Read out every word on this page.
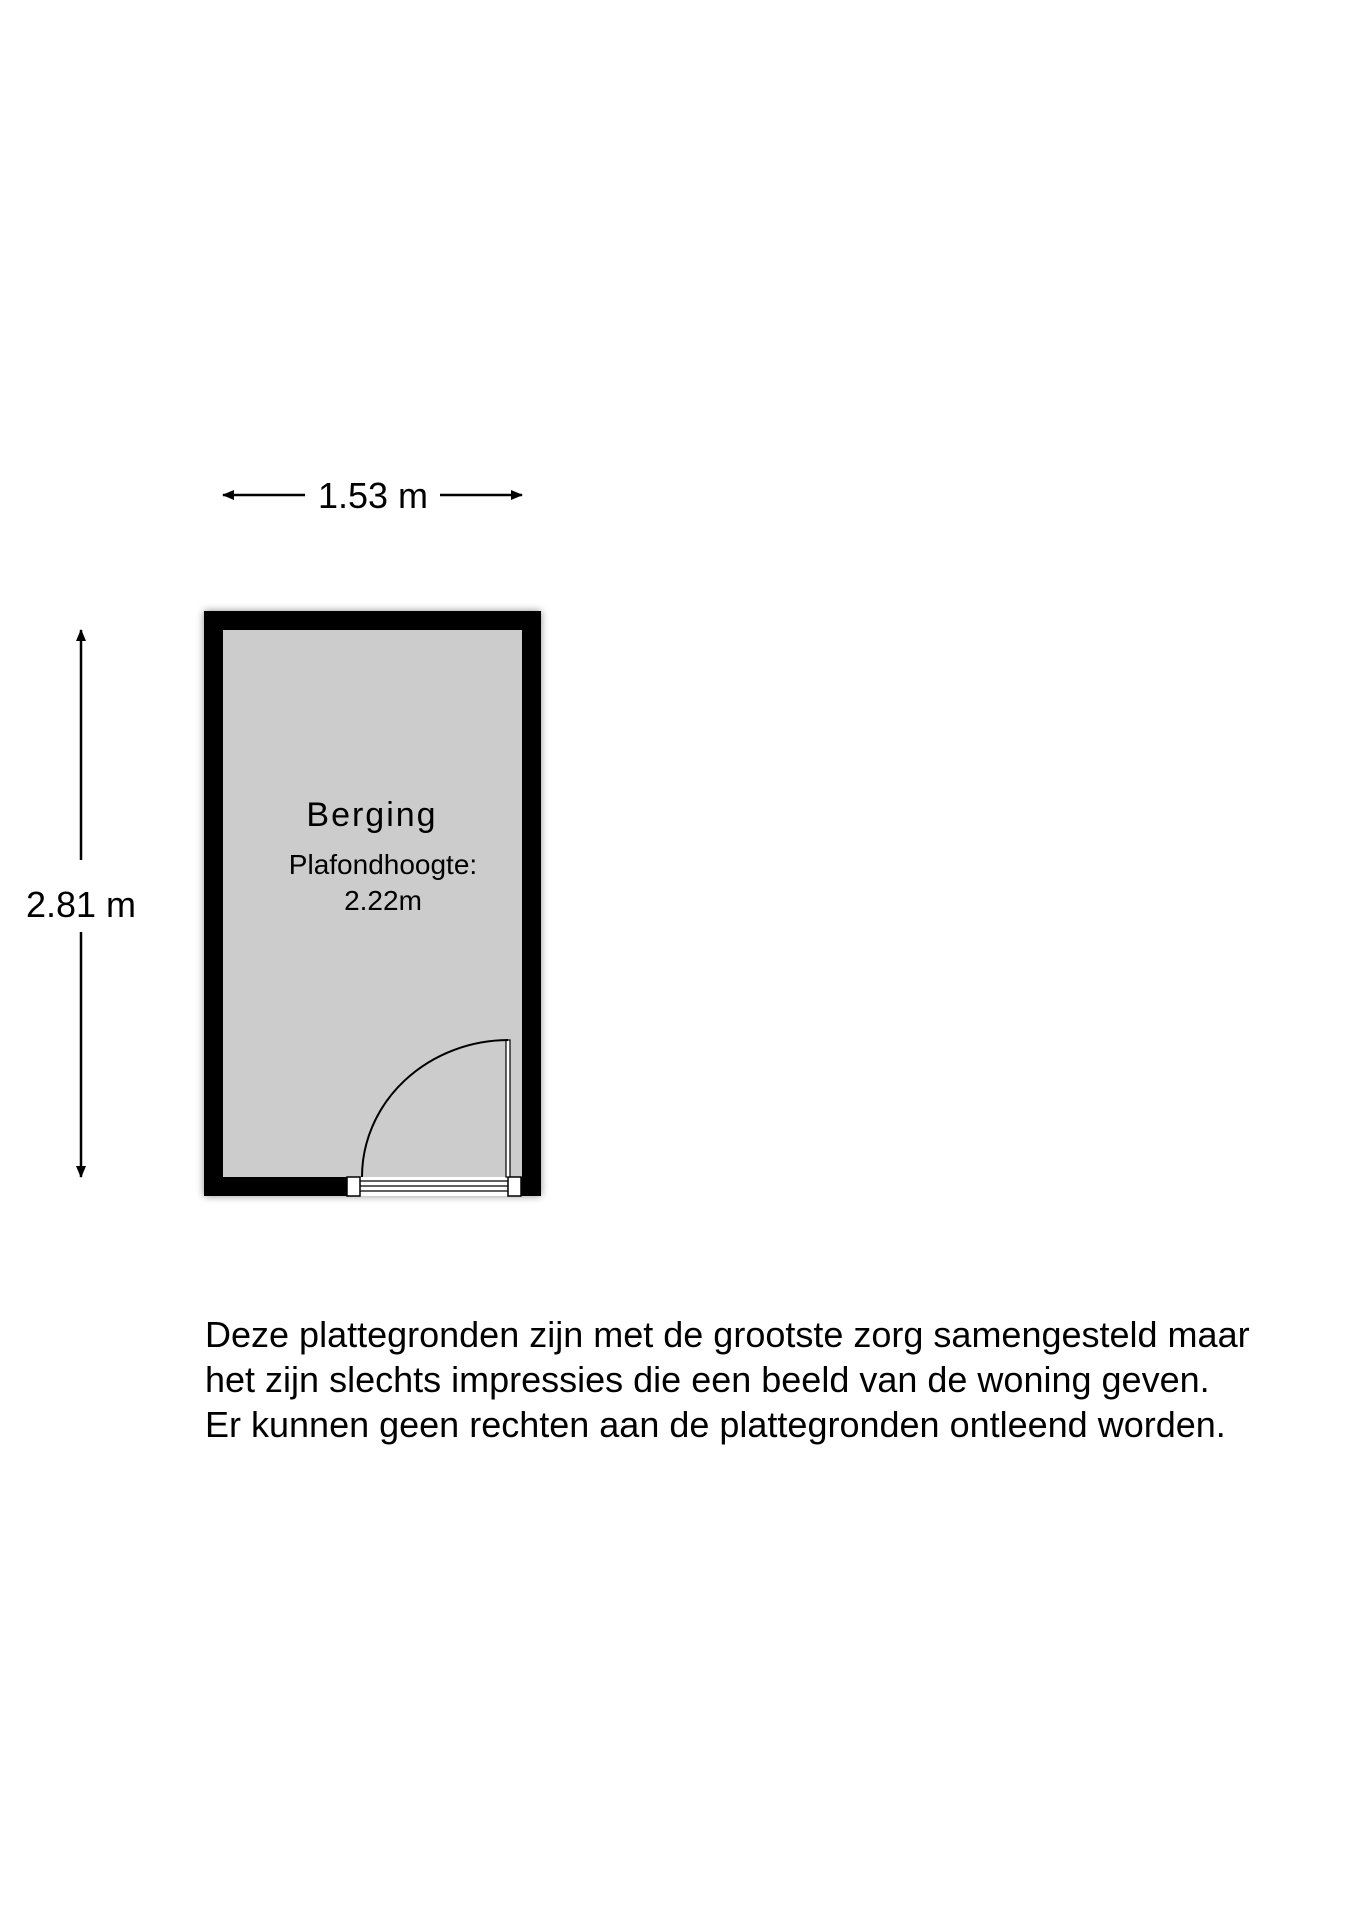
1.53 m
2.81 m
Berging
Plafondhoogte:
2.22m
Deze plattegronden zijn met de grootste zorg samengesteld maar
het zijn slechts impressies die een beeld van de woning geven.
Er kunnen geen rechten aan de plattegronden ontleend worden.
